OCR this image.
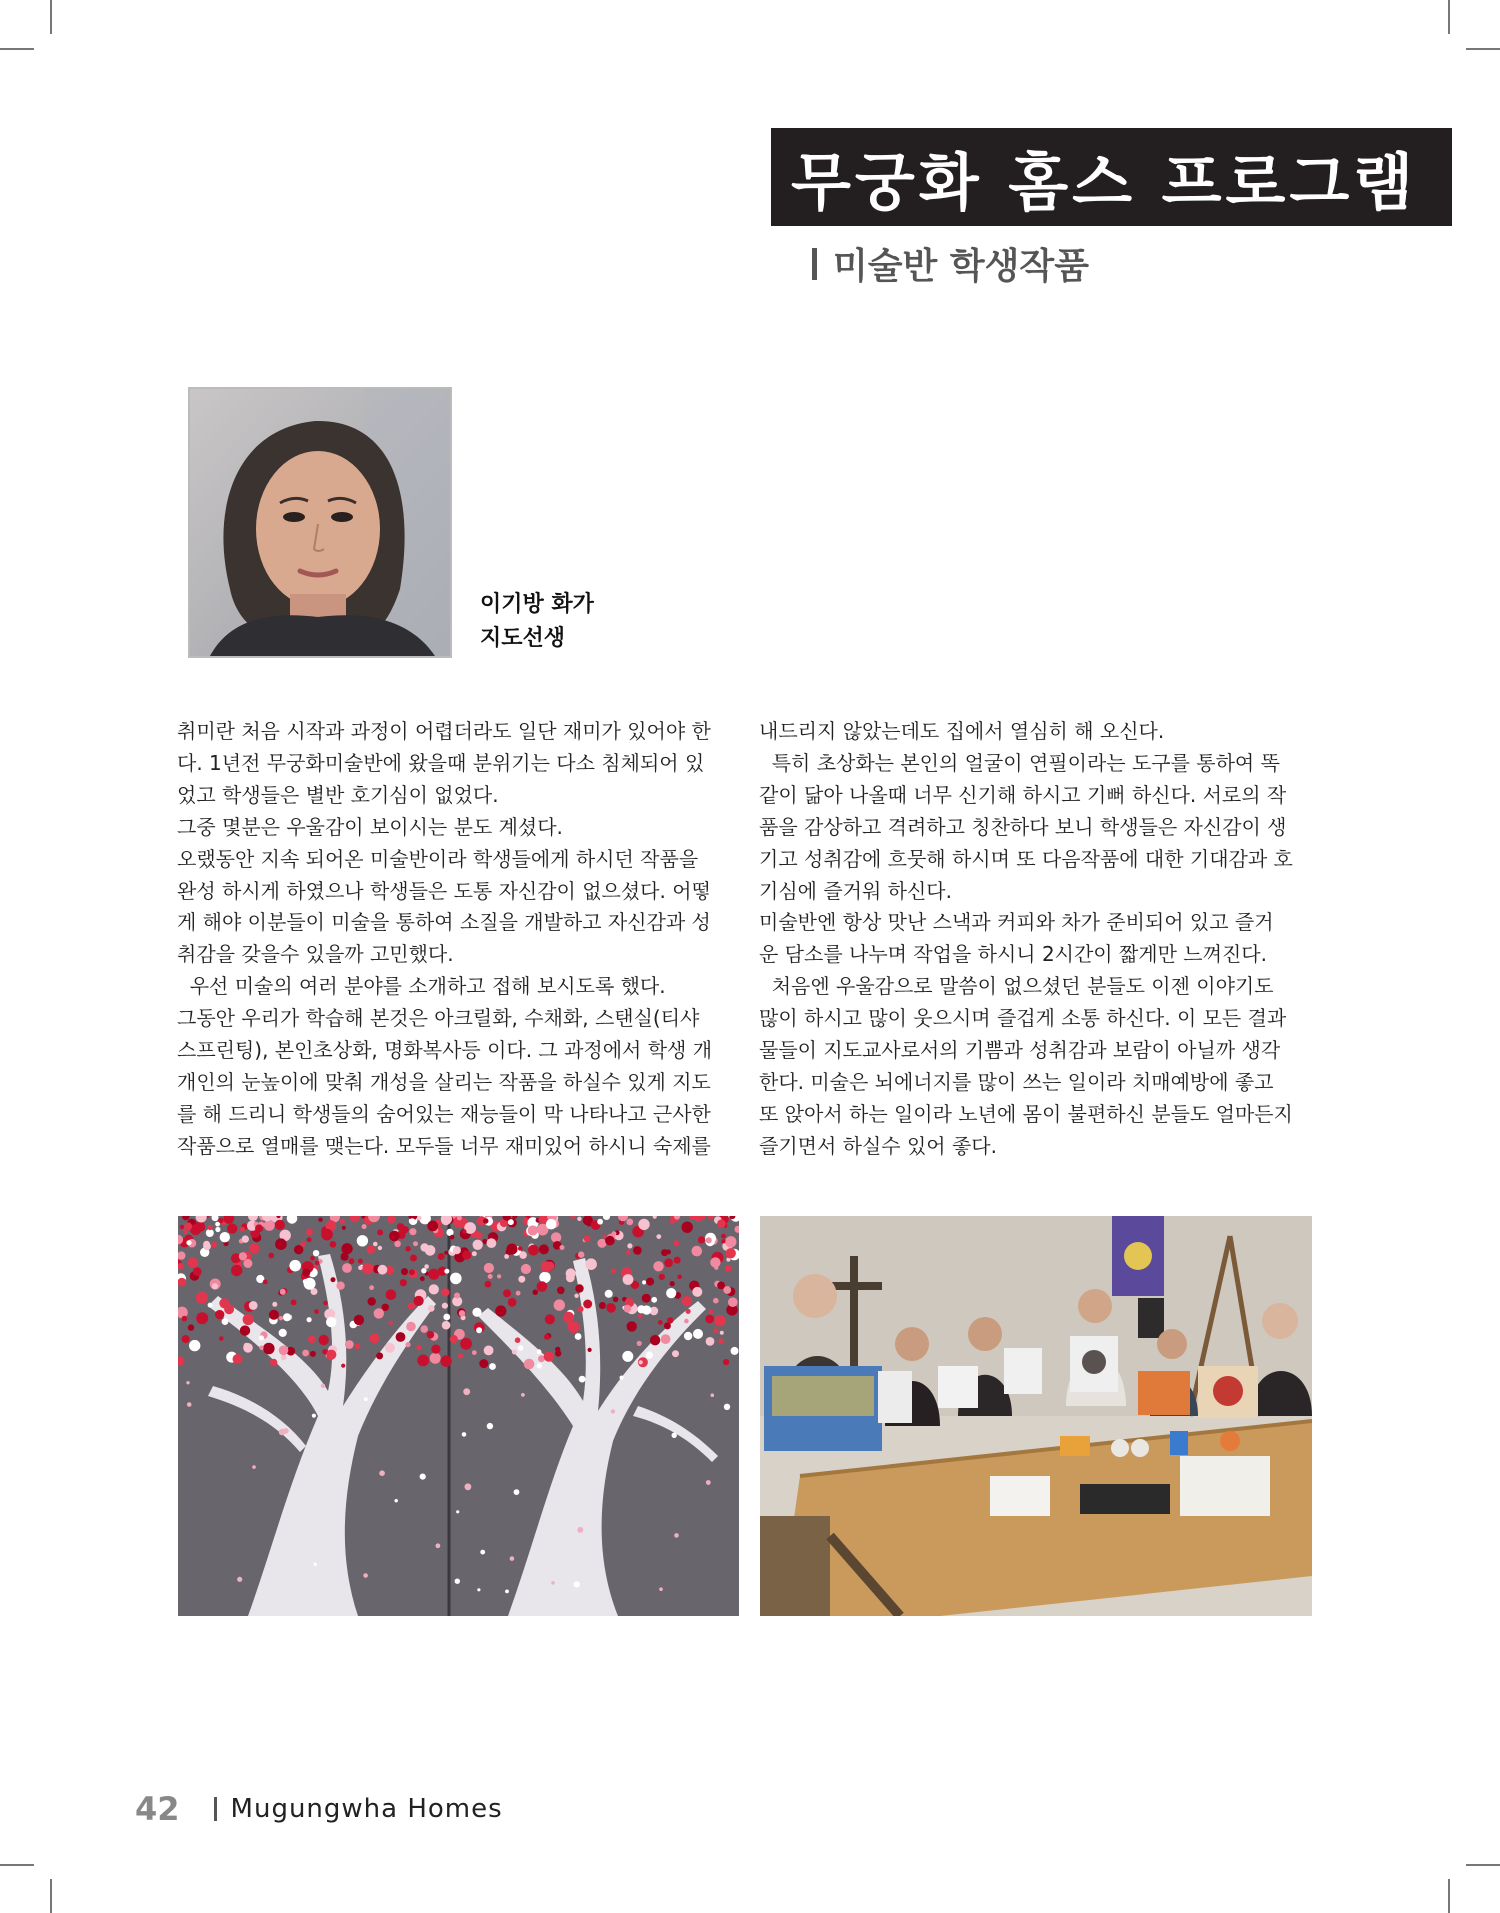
무궁화 홈스 프로그램
미술반 학생작품
이기방 화가
지도선생

취미란 처음 시작과 과정이 어렵더라도 일단 재미가 있어야 한

다. 1년전 무궁화미술반에 왔을때 분위기는 다소 침체되어 있

었고 학생들은 별반 호기심이 없었다.

그중 몇분은 우울감이 보이시는 분도 계셨다.

오랬동안 지속 되어온 미술반이라 학생들에게 하시던 작품을

완성 하시게 하였으나 학생들은 도통 자신감이 없으셨다. 어떻

게 해야 이분들이 미술을 통하여 소질을 개발하고 자신감과 성

취감을 갖을수 있을까 고민했다.

우선 미술의 여러 분야를 소개하고 접해 보시도록 했다.

그동안 우리가 학습해 본것은 아크릴화, 수채화, 스탠실(티샤

스프린팅), 본인초상화, 명화복사등 이다. 그 과정에서 학생 개

개인의 눈높이에 맞춰 개성을 살리는 작품을 하실수 있게 지도

를 해 드리니 학생들의 숨어있는 재능들이 막 나타나고 근사한

작품으로 열매를 맺는다. 모두들 너무 재미있어 하시니 숙제를

내드리지 않았는데도 집에서 열심히 해 오신다.

특히 초상화는 본인의 얼굴이 연필이라는 도구를 통하여 똑

같이 닮아 나올때 너무 신기해 하시고 기뻐 하신다. 서로의 작

품을 감상하고 격려하고 칭찬하다 보니 학생들은 자신감이 생

기고 성취감에 흐뭇해 하시며 또 다음작품에 대한 기대감과 호

기심에 즐거워 하신다.

미술반엔 항상 맛난 스낵과 커피와 차가 준비되어 있고 즐거

운 담소를 나누며 작업을 하시니 2시간이 짧게만 느껴진다.

처음엔 우울감으로 말씀이 없으셨던 분들도 이젠 이야기도

많이 하시고 많이 웃으시며 즐겁게 소통 하신다. 이 모든 결과

물들이 지도교사로서의 기쁨과 성취감과 보람이 아닐까 생각

한다. 미술은 뇌에너지를 많이 쓰는 일이라 치매예방에 좋고

또 앉아서 하는 일이라 노년에 몸이 불편하신 분들도 얼마든지

즐기면서 하실수 있어 좋다.

42 Mugungwha Homes
